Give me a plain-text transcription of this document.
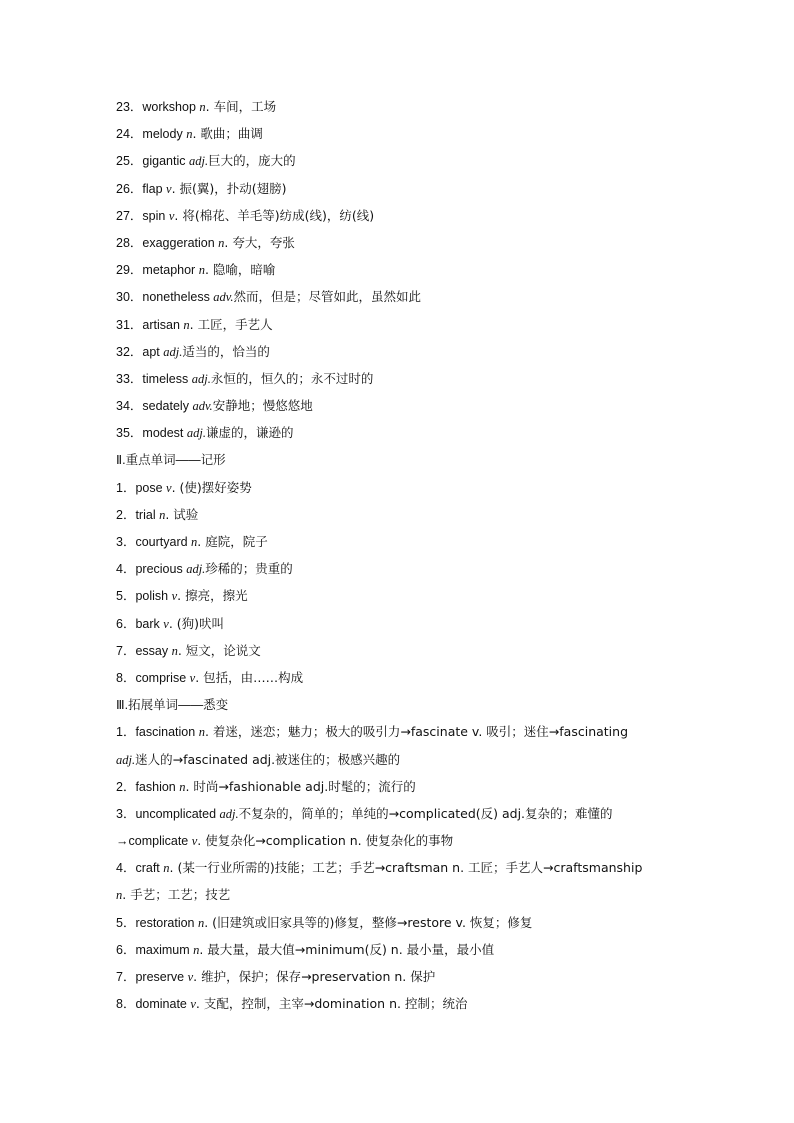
23．workshop n. 车间，工场
24．melody n. 歌曲；曲调
25．gigantic adj.巨大的，庞大的
26．flap v. 振(翼)，扑动(翅膀)
27．spin v. 将(棉花、羊毛等)纺成(线)，纺(线)
28．exaggeration n. 夸大，夸张
29．metaphor n. 隐喻，暗喻
30．nonetheless adv.然而，但是；尽管如此，虽然如此
31．artisan n. 工匠，手艺人
32．apt adj.适当的，恰当的
33．timeless adj.永恒的，恒久的；永不过时的
34．sedately adv.安静地；慢悠悠地
35．modest adj.谦虚的，谦逊的
Ⅱ.重点单词——记形
1．pose v. (使)摆好姿势
2．trial n. 试验
3．courtyard n. 庭院，院子
4．precious adj.珍稀的；贵重的
5．polish v. 擦亮，擦光
6．bark v. (狗)吠叫
7．essay n. 短文，论说文
8．comprise v. 包括，由……构成
Ⅲ.拓展单词——悉变
1．fascination n. 着迷，迷恋；魅力；极大的吸引力→fascinate v. 吸引；迷住→fascinating
adj.迷人的→fascinated adj.被迷住的；极感兴趣的
2．fashion n. 时尚→fashionable adj.时髦的；流行的
3．uncomplicated adj.不复杂的，简单的；单纯的→complicated(反) adj.复杂的；难懂的
→complicate v. 使复杂化→complication n. 使复杂化的事物
4．craft n. (某一行业所需的)技能；工艺；手艺→craftsman n. 工匠；手艺人→craftsmanship
n. 手艺；工艺；技艺
5．restoration n. (旧建筑或旧家具等的)修复，整修→restore v. 恢复；修复
6．maximum n. 最大量，最大值→minimum(反) n. 最小量，最小值
7．preserve v. 维护，保护；保存→preservation n. 保护
8．dominate v. 支配，控制，主宰→domination n. 控制；统治
